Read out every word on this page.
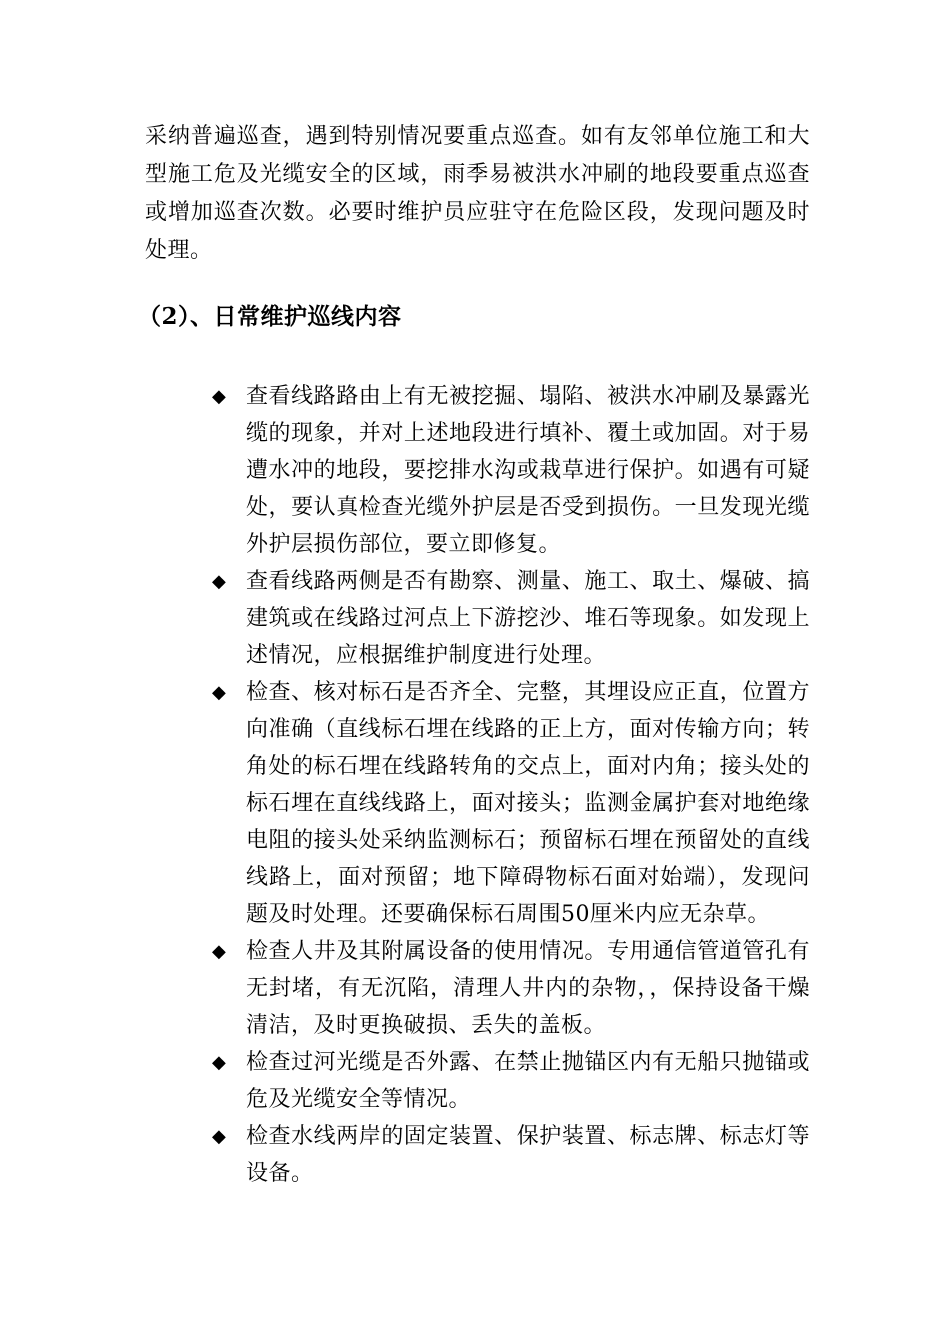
采纳普遍巡查，遇到特别情况要重点巡查。如有友邻单位施工和大型施工危及光缆安全的区域，雨季易被洪水冲刷的地段要重点巡查或增加巡查次数。必要时维护员应驻守在危险区段，发现问题及时处理。

（2）、日常维护巡线内容
◆ 查看线路路由上有无被挖掘、塌陷、被洪水冲刷及暴露光缆的现象，并对上述地段进行填补、覆土或加固。对于易遭水冲的地段，要挖排水沟或栽草进行保护。如遇有可疑处，要认真检查光缆外护层是否受到损伤。一旦发现光缆外护层损伤部位，要立即修复。
◆ 查看线路两侧是否有勘察、测量、施工、取土、爆破、搞建筑或在线路过河点上下游挖沙、堆石等现象。如发现上述情况，应根据维护制度进行处理。
◆ 检查、核对标石是否齐全、完整，其埋设应正直，位置方向准确（直线标石埋在线路的正上方，面对传输方向；转角处的标石埋在线路转角的交点上，面对内角；接头处的标石埋在直线线路上，面对接头；监测金属护套对地绝缘电阻的接头处采纳监测标石；预留标石埋在预留处的直线线路上，面对预留；地下障碍物标石面对始端），发现问题及时处理。还要确保标石周围50厘米内应无杂草。
◆ 检查人井及其附属设备的使用情况。专用通信管道管孔有无封堵，有无沉陷，清理人井内的杂物，，保持设备干燥清洁，及时更换破损、丢失的盖板。
◆ 检查过河光缆是否外露、在禁止抛锚区内有无船只抛锚或危及光缆安全等情况。
◆ 检查水线两岸的固定装置、保护装置、标志牌、标志灯等设备。
